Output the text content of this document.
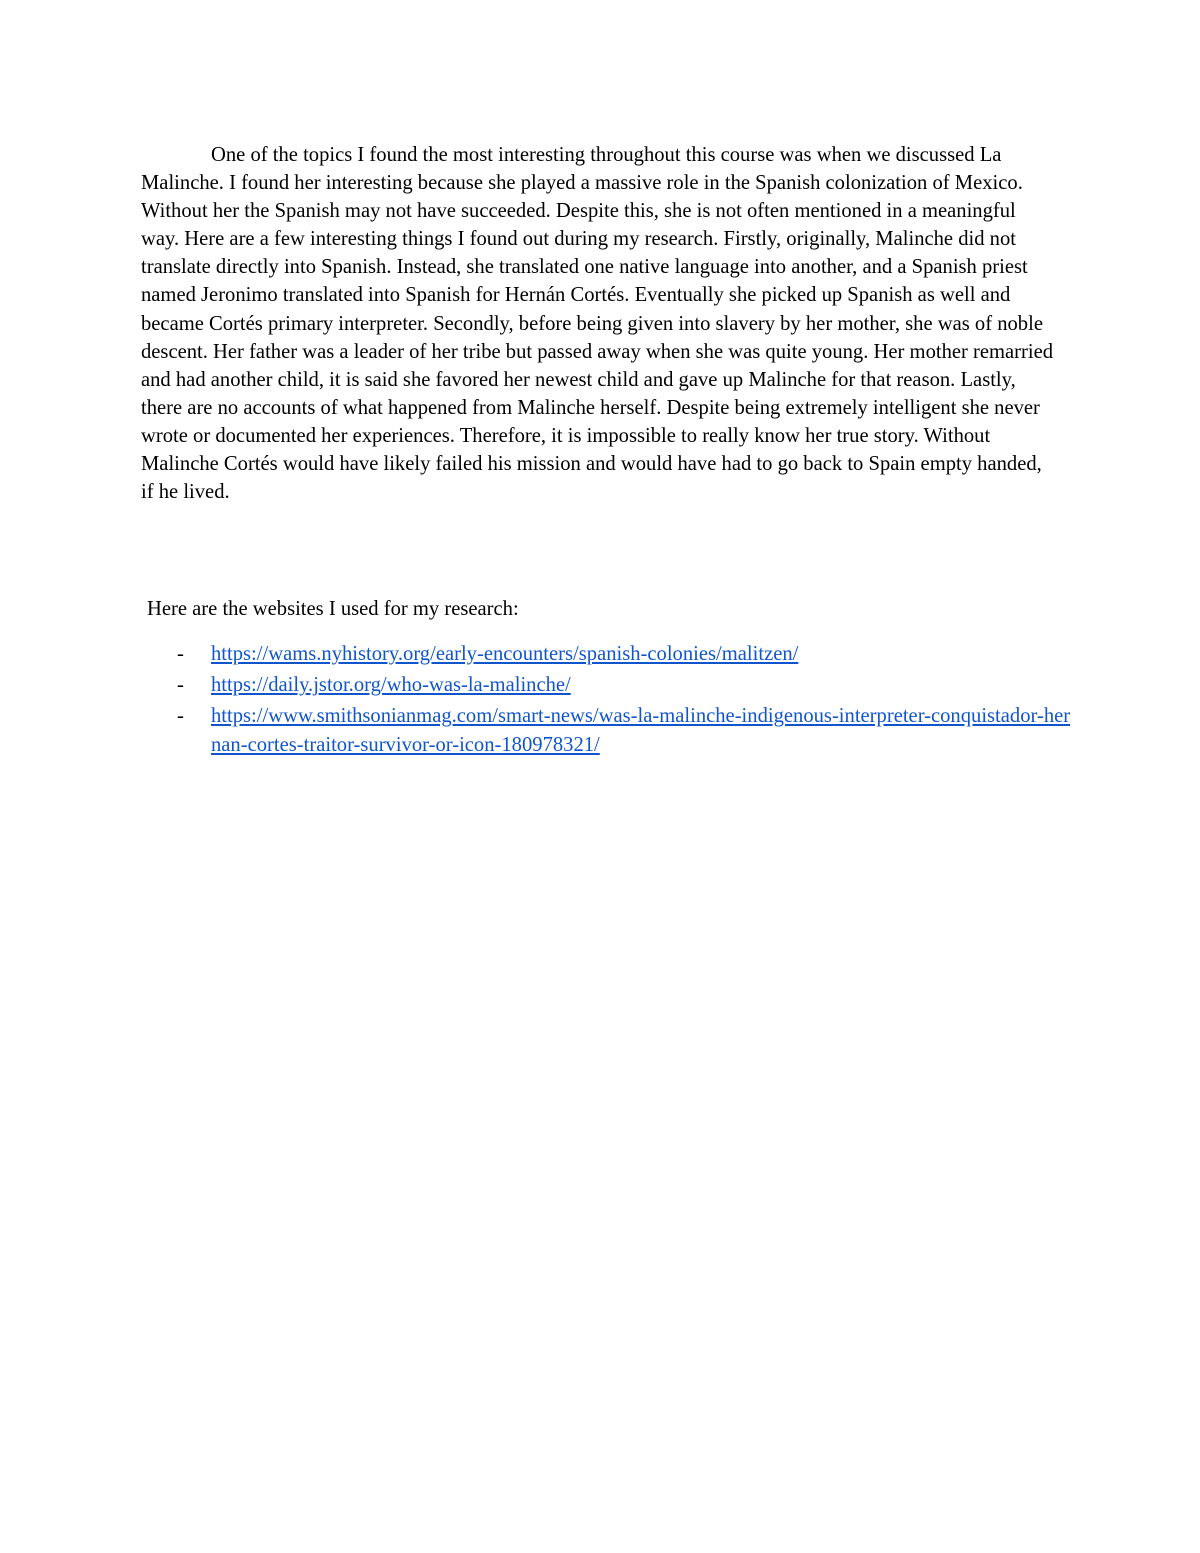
One of the topics I found the most interesting throughout this course was when we discussed La Malinche. I found her interesting because she played a massive role in the Spanish colonization of Mexico. Without her the Spanish may not have succeeded. Despite this, she is not often mentioned in a meaningful way. Here are a few interesting things I found out during my research. Firstly, originally, Malinche did not translate directly into Spanish. Instead, she translated one native language into another, and a Spanish priest named Jeronimo translated into Spanish for Hernán Cortés. Eventually she picked up Spanish as well and became Cortés primary interpreter. Secondly, before being given into slavery by her mother, she was of noble descent. Her father was a leader of her tribe but passed away when she was quite young. Her mother remarried and had another child, it is said she favored her newest child and gave up Malinche for that reason. Lastly, there are no accounts of what happened from Malinche herself. Despite being extremely intelligent she never wrote or documented her experiences. Therefore, it is impossible to really know her true story. Without Malinche Cortés would have likely failed his mission and would have had to go back to Spain empty handed, if he lived.

Here are the websites I used for my research:

- https://wams.nyhistory.org/early-encounters/spanish-colonies/malitzen/
- https://daily.jstor.org/who-was-la-malinche/
- https://www.smithsonianmag.com/smart-news/was-la-malinche-indigenous-interpreter-conquistador-hernan-cortes-traitor-survivor-or-icon-180978321/
